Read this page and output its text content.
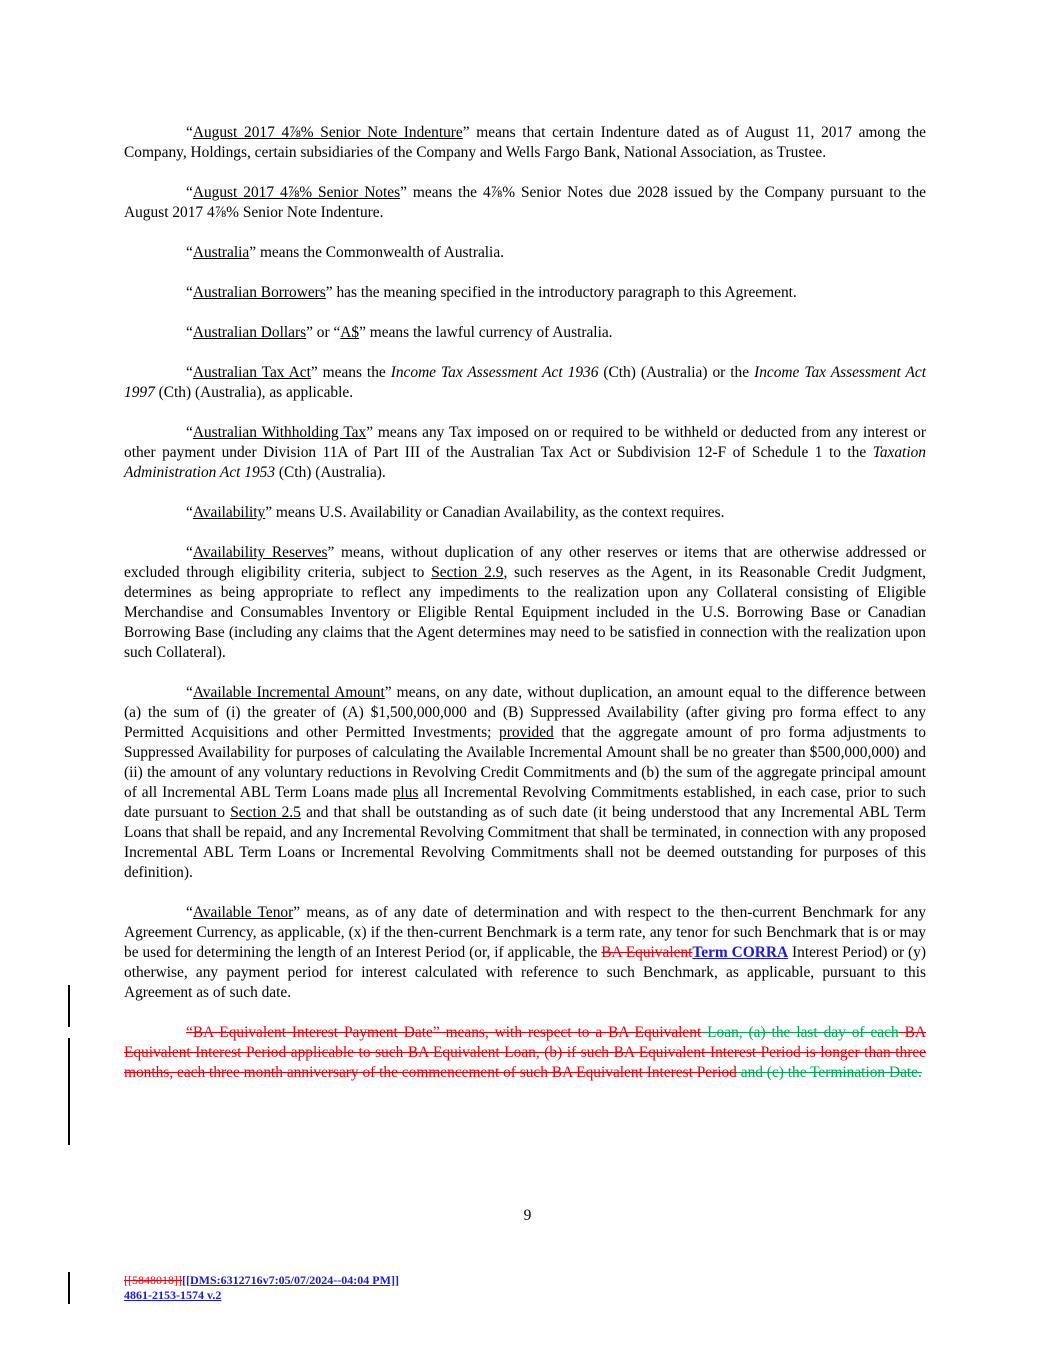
“August 2017 4⅞% Senior Note Indenture” means that certain Indenture dated as of August 11, 2017 among the Company, Holdings, certain subsidiaries of the Company and Wells Fargo Bank, National Association, as Trustee.

“August 2017 4⅞% Senior Notes” means the 4⅞% Senior Notes due 2028 issued by the Company pursuant to the August 2017 4⅞% Senior Note Indenture.

“Australia” means the Commonwealth of Australia.

“Australian Borrowers” has the meaning specified in the introductory paragraph to this Agreement.

“Australian Dollars” or “A$” means the lawful currency of Australia.

“Australian Tax Act” means the Income Tax Assessment Act 1936 (Cth) (Australia) or the Income Tax Assessment Act 1997 (Cth) (Australia), as applicable.

“Australian Withholding Tax” means any Tax imposed on or required to be withheld or deducted from any interest or other payment under Division 11A of Part III of the Australian Tax Act or Subdivision 12-F of Schedule 1 to the Taxation Administration Act 1953 (Cth) (Australia).

“Availability” means U.S. Availability or Canadian Availability, as the context requires.

“Availability Reserves” means, without duplication of any other reserves or items that are otherwise addressed or excluded through eligibility criteria, subject to Section 2.9, such reserves as the Agent, in its Reasonable Credit Judgment, determines as being appropriate to reflect any impediments to the realization upon any Collateral consisting of Eligible Merchandise and Consumables Inventory or Eligible Rental Equipment included in the U.S. Borrowing Base or Canadian Borrowing Base (including any claims that the Agent determines may need to be satisfied in connection with the realization upon such Collateral).

“Available Incremental Amount” means, on any date, without duplication, an amount equal to the difference between (a) the sum of (i) the greater of (A) $1,500,000,000 and (B) Suppressed Availability (after giving pro forma effect to any Permitted Acquisitions and other Permitted Investments; provided that the aggregate amount of pro forma adjustments to Suppressed Availability for purposes of calculating the Available Incremental Amount shall be no greater than $500,000,000) and (ii) the amount of any voluntary reductions in Revolving Credit Commitments and (b) the sum of the aggregate principal amount of all Incremental ABL Term Loans made plus all Incremental Revolving Commitments established, in each case, prior to such date pursuant to Section 2.5 and that shall be outstanding as of such date (it being understood that any Incremental ABL Term Loans that shall be repaid, and any Incremental Revolving Commitment that shall be terminated, in connection with any proposed Incremental ABL Term Loans or Incremental Revolving Commitments shall not be deemed outstanding for purposes of this definition).

“Available Tenor” means, as of any date of determination and with respect to the then-current Benchmark for any Agreement Currency, as applicable, (x) if the then-current Benchmark is a term rate, any tenor for such Benchmark that is or may be used for determining the length of an Interest Period (or, if applicable, the BA EquivalentTerm CORRA Interest Period) or (y) otherwise, any payment period for interest calculated with reference to such Benchmark, as applicable, pursuant to this Agreement as of such date.

“BA Equivalent Interest Payment Date” means, with respect to a BA Equivalent Loan, (a) the last day of each BA Equivalent Interest Period applicable to such BA Equivalent Loan, (b) if such BA Equivalent Interest Period is longer than three months, each three month anniversary of the commencement of such BA Equivalent Interest Period and (c) the Termination Date.

9
[[5848018]][[DMS:6312716v7:05/07/2024--04:04 PM]]
4861-2153-1574 v.2
